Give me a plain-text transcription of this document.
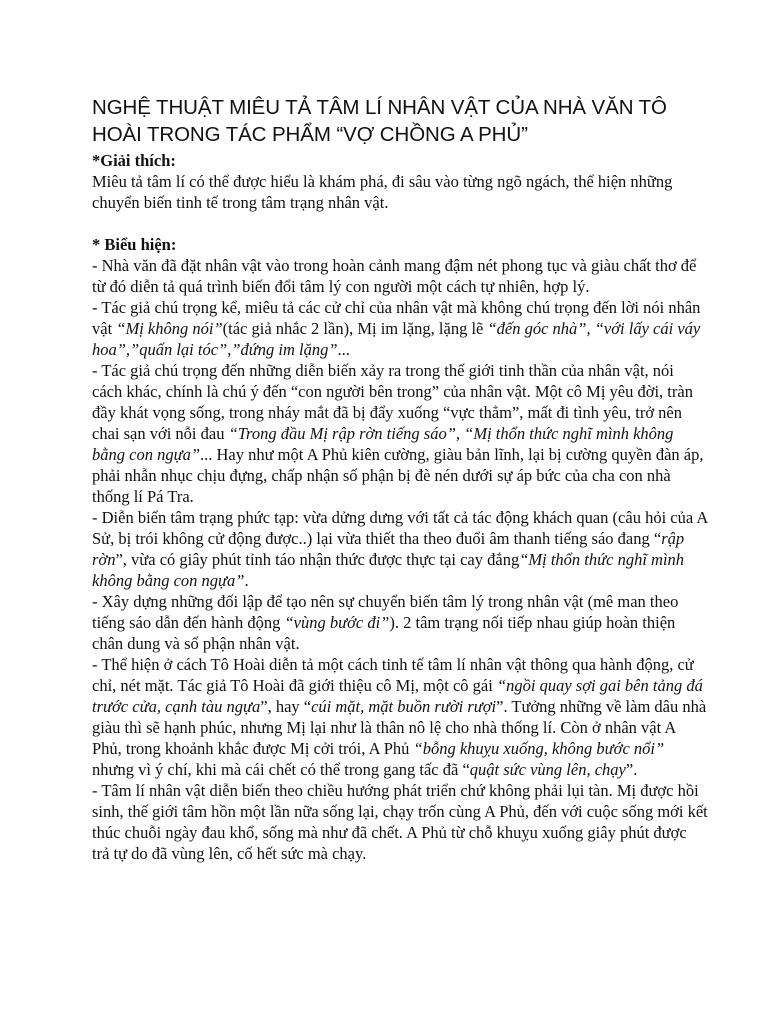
NGHỆ THUẬT MIÊU TẢ TÂM LÍ NHÂN VẬT CỦA NHÀ VĂN TÔ HOÀI TRONG TÁC PHẨM “VỢ CHỒNG A PHỦ”

*Giải thích:

Miêu tả tâm lí có thể được hiểu là khám phá, đi sâu vào từng ngõ ngách, thể hiện những chuyển biến tinh tế trong tâm trạng nhân vật.

* Biểu hiện:

- Nhà văn đã đặt nhân vật vào trong hoàn cảnh mang đậm nét phong tục và giàu chất thơ để từ đó diễn tả quá trình biến đổi tâm lý con người một cách tự nhiên, hợp lý.

- Tác giả chú trọng kể, miêu tả các cử chỉ của nhân vật mà không chú trọng đến lời nói nhân vật “Mị không nói”(tác giả nhắc 2 lần), Mị im lặng, lặng lẽ “đến góc nhà”, “với lấy cái váy hoa”,”quấn lại tóc”,”đứng im lặng”...

- Tác giả chú trọng đến những diễn biến xảy ra trong thế giới tinh thần của nhân vật, nói cách khác, chính là chú ý đến “con người bên trong” của nhân vật. Một cô Mị yêu đời, tràn đầy khát vọng sống, trong nháy mắt đã bị đẩy xuống “vực thẳm”, mất đi tình yêu, trở nên chai sạn với nỗi đau “Trong đầu Mị rập rờn tiếng sáo”, “Mị thổn thức nghĩ mình không bằng con ngựa”... Hay như một A Phủ kiên cường, giàu bản lĩnh, lại bị cường quyền đàn áp, phải nhẫn nhục chịu đựng, chấp nhận số phận bị đè nén dưới sự áp bức của cha con nhà thống lí Pá Tra.

- Diễn biến tâm trạng phức tạp: vừa dửng dưng với tất cả tác động khách quan (câu hỏi của A Sử, bị trói không cử động được..) lại vừa thiết tha theo đuổi âm thanh tiếng sáo đang “rập rờn”, vừa có giây phút tỉnh táo nhận thức được thực tại cay đắng“Mị thổn thức nghĩ mình không bằng con ngựa”.

- Xây dựng những đối lập để tạo nên sự chuyển biến tâm lý trong nhân vật (mê man theo tiếng sáo dẫn đến hành động “vùng bước đi”). 2 tâm trạng nối tiếp nhau giúp hoàn thiện chân dung và số phận nhân vật.

- Thể hiện ở cách Tô Hoài diễn tả một cách tinh tế tâm lí nhân vật thông qua hành động, cử chỉ, nét mặt. Tác giả Tô Hoài đã giới thiệu cô Mị, một cô gái “ngồi quay sợi gai bên tảng đá trước cửa, cạnh tàu ngựa”, hay “cúi mặt, mặt buồn rười rượi”. Tưởng những về làm dâu nhà giàu thì sẽ hạnh phúc, nhưng Mị lại như là thân nô lệ cho nhà thống lí. Còn ở nhân vật A Phủ, trong khoảnh khắc được Mị cởi trói, A Phủ “bỗng khuỵu xuống, không bước nổi” nhưng vì ý chí, khi mà cái chết có thể trong gang tấc đã “quật sức vùng lên, chạy”.

- Tâm lí nhân vật diễn biến theo chiều hướng phát triển chứ không phải lụi tàn. Mị được hồi sinh, thế giới tâm hồn một lần nữa sống lại, chạy trốn cùng A Phủ, đến với cuộc sống mới kết thúc chuỗi ngày đau khổ, sống mà như đã chết. A Phủ từ chỗ khuỵu xuống giây phút được trả tự do đã vùng lên, cố hết sức mà chạy.
